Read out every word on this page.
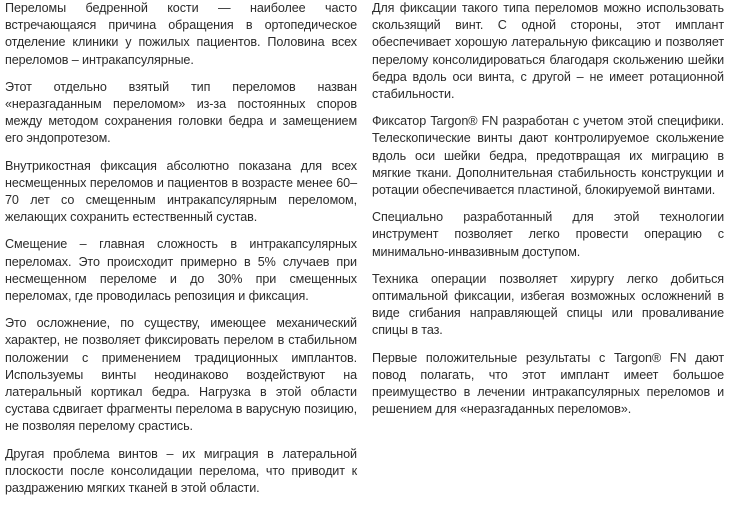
Переломы бедренной кости — наиболее часто встречающаяся причина обращения в ортопедическое отделение клиники у пожилых пациентов. Половина всех переломов – интракапсулярные.

Этот отдельно взятый тип переломов назван «неразгаданным переломом» из-за постоянных споров между методом сохранения головки бедра и замещением его эндопротезом.

Внутрикостная фиксация абсолютно показана для всех несмещенных переломов и пациентов в возрасте менее 60–70 лет со смещенным интракапсулярным переломом, желающих сохранить естественный сустав.

Смещение – главная сложность в интракапсулярных переломах. Это происходит примерно в 5% случаев при несмещенном переломе и до 30% при смещенных переломах, где проводилась репозиция и фиксация.

Это осложнение, по существу, имеющее механический характер, не позволяет фиксировать перелом в стабильном положении с применением традиционных имплантов. Используемы винты неодинаково воздействуют на латеральный кортикал бедра. Нагрузка в этой области сустава сдвигает фрагменты перелома в варусную позицию, не позволяя перелому срастись.

Другая проблема винтов – их миграция в латеральной плоскости после консолидации перелома, что приводит к раздражению мягких тканей в этой области.

Для фиксации такого типа переломов можно использовать скользящий винт. С одной стороны, этот имплант обеспечивает хорошую латеральную фиксацию и позволяет перелому консолидироваться благодаря скольжению шейки бедра вдоль оси винта, с другой – не имеет ротационной стабильности.

Фиксатор Targon® FN разработан с учетом этой специфики. Телескопические винты дают контролируемое скольжение вдоль оси шейки бедра, предотвращая их миграцию в мягкие ткани. Дополнительная стабильность конструкции и ротации обеспечивается пластиной, блокируемой винтами.

Специально разработанный для этой технологии инструмент позволяет легко провести операцию с минимально-инвазивным доступом.

Техника операции позволяет хирургу легко добиться оптимальной фиксации, избегая возможных осложнений в виде сгибания направляющей спицы или проваливание спицы в таз.

Первые положительные результаты с Targon® FN дают повод полагать, что этот имплант имеет большое преимущество в лечении интракапсулярных переломов и решением для «неразгаданных переломов».
